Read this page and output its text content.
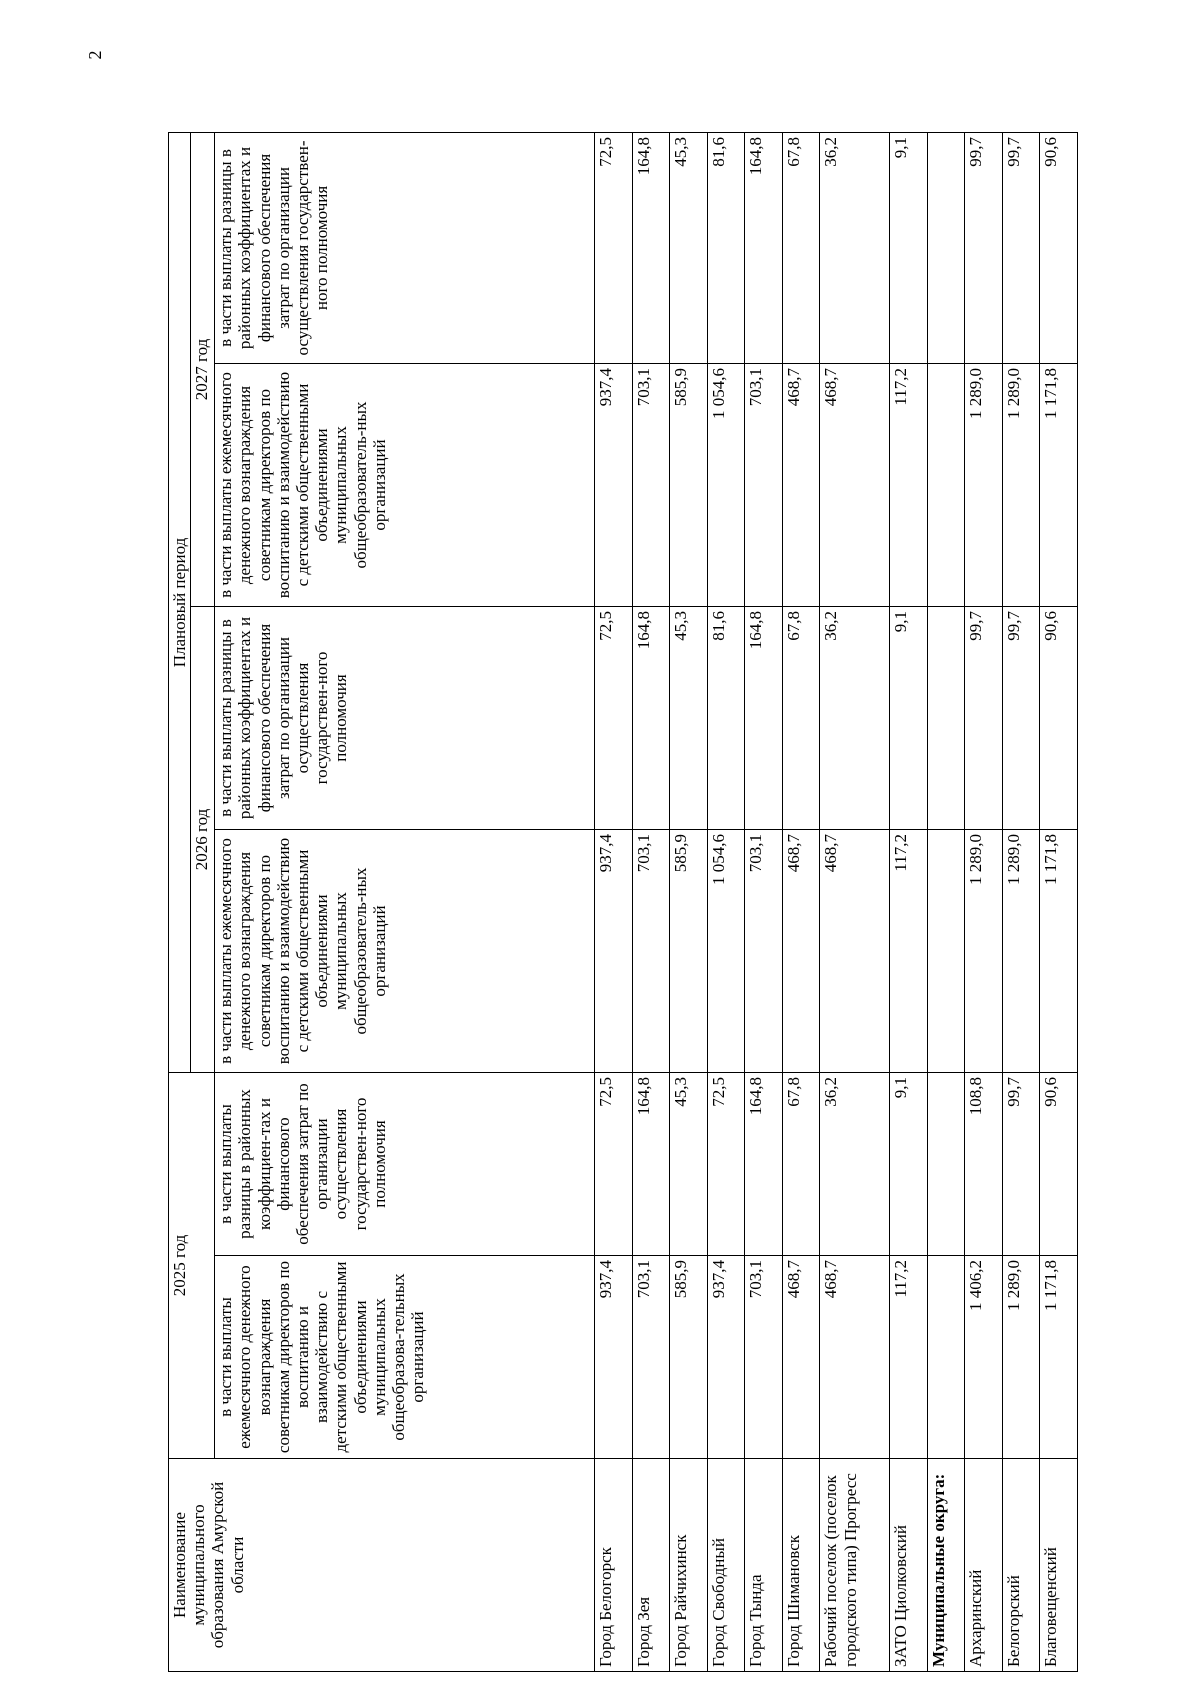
2
Наименование муниципального образования Амурской области	2025 год		Плановый период			
			2026 год		2027 год	
	в части выплаты ежемесячного денежного вознаграждения советникам директоров по воспитанию и взаимодействию с детскими общественными объединениями муниципальных общеобразова-тельных организаций	в части выплаты разницы в районных коэффициен-тах и финансового обеспечения затрат по организации осуществления государствен-ного полномочия	в части выплаты ежемесячного денежного вознаграждения советникам директоров по воспитанию и взаимодействию с детскими общественными объединениями муниципальных общеобразователь-ных организаций	в части выплаты разницы в районных коэффициентах и финансового обеспечения затрат по организации осуществления государствен-ного полномочия	в части выплаты ежемесячного денежного вознаграждения советникам директоров по воспитанию и взаимодействию с детскими общественными объединениями муниципальных общеобразователь-ных организаций	в части выплаты разницы в районных коэффициентах и финансового обеспечения затрат по организации осуществления государствен-ного полномочия
Город Белогорск	937,4	72,5	937,4	72,5	937,4	72,5
Город Зея	703,1	164,8	703,1	164,8	703,1	164,8
Город Райчихинск	585,9	45,3	585,9	45,3	585,9	45,3
Город Свободный	937,4	72,5	1 054,6	81,6	1 054,6	81,6
Город Тында	703,1	164,8	703,1	164,8	703,1	164,8
Город Шимановск	468,7	67,8	468,7	67,8	468,7	67,8
Рабочий поселок (поселок городского типа) Прогресс	468,7	36,2	468,7	36,2	468,7	36,2
ЗАТО Циолковский	117,2	9,1	117,2	9,1	117,2	9,1
Муниципальные округа:						
Архаринский	1 406,2	108,8	1 289,0	99,7	1 289,0	99,7
Белогорский	1 289,0	99,7	1 289,0	99,7	1 289,0	99,7
Благовещенский	1 171,8	90,6	1 171,8	90,6	1 171,8	90,6
